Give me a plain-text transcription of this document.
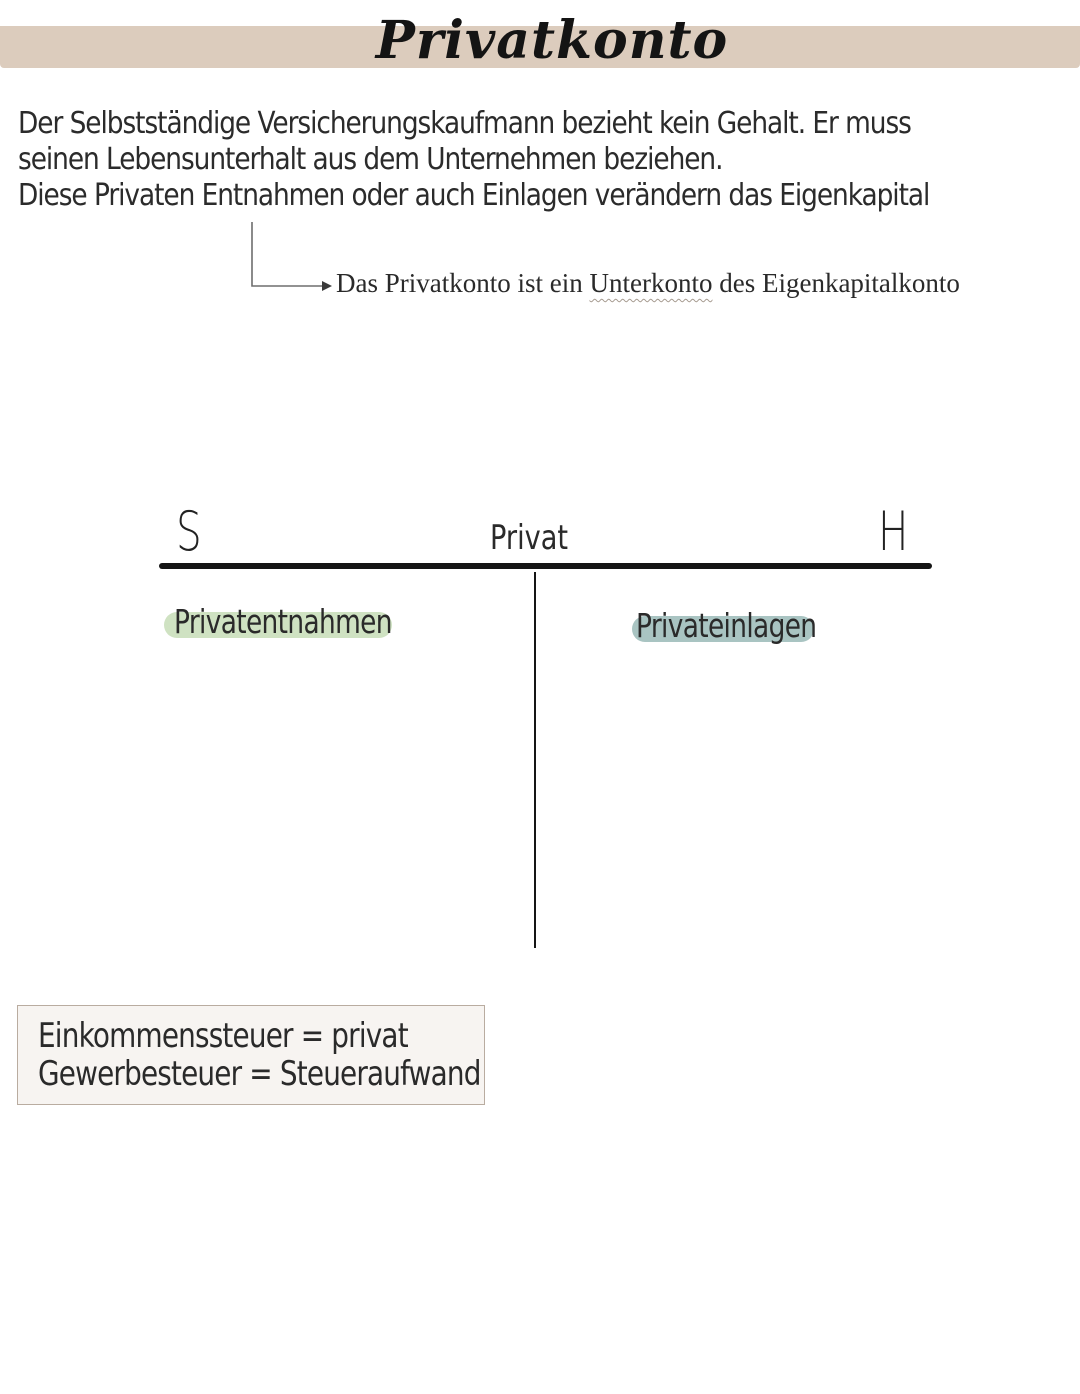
Privatkonto
Der Selbstständige Versicherungskaufmann bezieht kein Gehalt. Er muss
seinen Lebensunterhalt aus dem Unternehmen beziehen.
Diese Privaten Entnahmen oder auch Einlagen verändern das Eigenkapital
Das Privatkonto ist ein Unterkonto des Eigenkapitalkonto
S	Privat	H
Privatentnahmen	Privateinlagen
Einkommenssteuer = privat
Gewerbesteuer = Steueraufwand
